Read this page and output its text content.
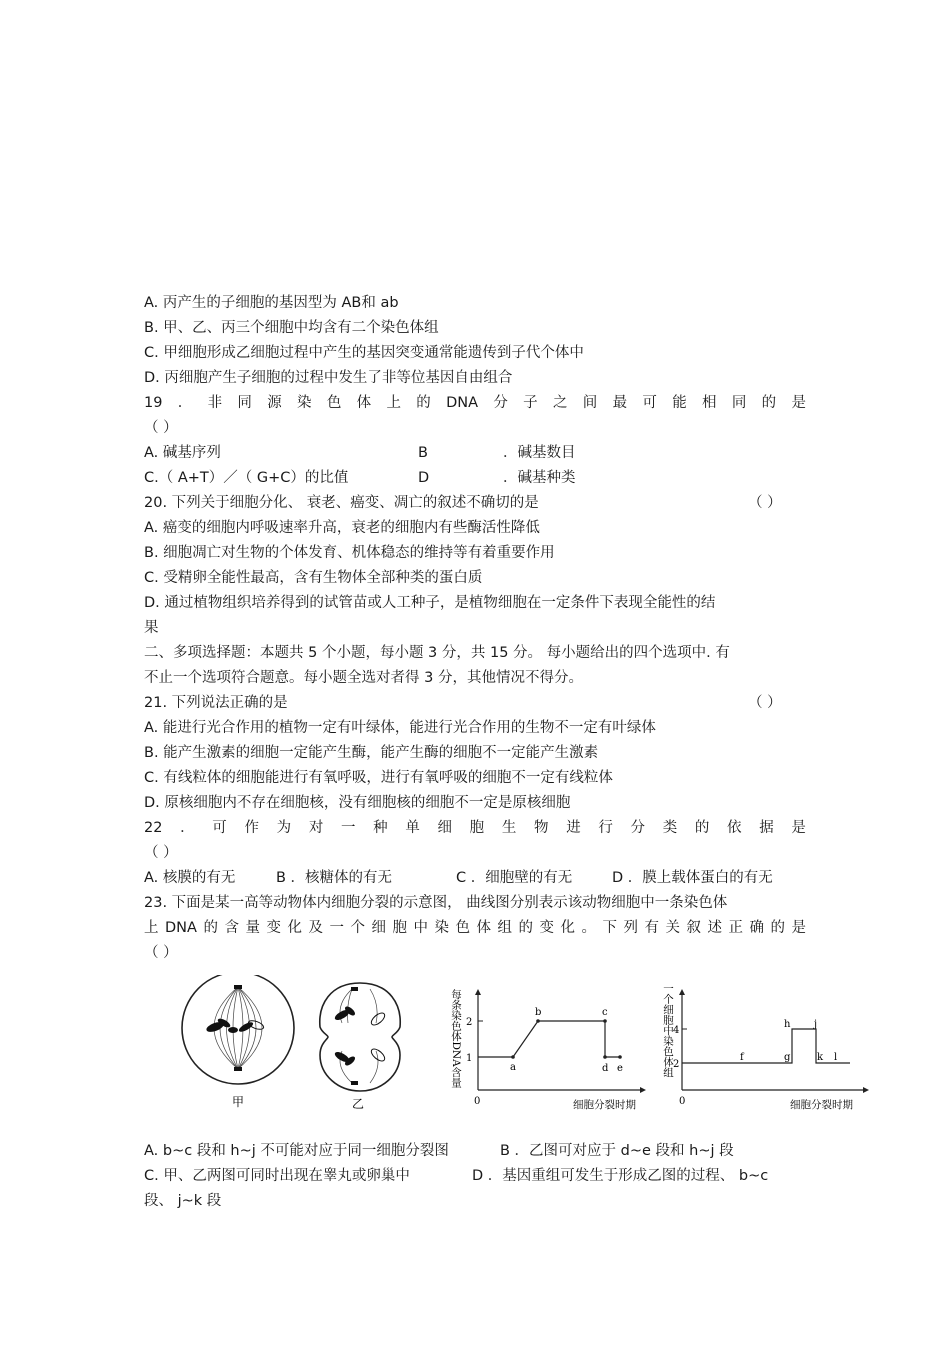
A. 丙产生的子细胞的基因型为 AB和 ab
B. 甲、乙、丙三个细胞中均含有二个染色体组
C. 甲细胞形成乙细胞过程中产生的基因突变通常能遗传到子代个体中
D. 丙细胞产生子细胞的过程中发生了非等位基因自由组合
19 ． 非 同 源 染 色 体 上 的 DNA 分 子 之 间 最 可 能 相 同 的 是
（ ）
A. 碱基序列	B	．碱基数目
C.（ A+T）／（ G+C）的比值	D	．碱基种类
20. 下列关于细胞分化、 衰老、癌变、凋亡的叙述不确切的是	（ ）
A. 癌变的细胞内呼吸速率升高，衰老的细胞内有些酶活性降低
B. 细胞凋亡对生物的个体发育、机体稳态的维持等有着重要作用
C. 受精卵全能性最高，含有生物体全部种类的蛋白质
D. 通过植物组织培养得到的试管苗或人工种子，是植物细胞在一定条件下表现全能性的结
果
二、多项选择题：本题共 5 个小题，每小题 3 分，共 15 分。 每小题给出的四个选项中. 有
不止一个选项符合题意。每小题全选对者得 3 分，其他情况不得分。
21. 下列说法正确的是	（ ）
A. 能进行光合作用的植物一定有叶绿体，能进行光合作用的生物不一定有叶绿体
B. 能产生激素的细胞一定能产生酶，能产生酶的细胞不一定能产生激素
C. 有线粒体的细胞能进行有氧呼吸，进行有氧呼吸的细胞不一定有线粒体
D. 原核细胞内不存在细胞核，没有细胞核的细胞不一定是原核细胞
22 ． 可 作 为 对 一 种 单 细 胞 生 物 进 行 分 类 的 依 据 是
（ ）
A. 核膜的有无	B ．核糖体的有无	C ．细胞壁的有无	D ．膜上载体蛋白的有无
23. 下面是某一高等动物体内细胞分裂的示意图， 曲线图分别表示该动物细胞中一条染色体
上 DNA 的 含 量 变 化 及 一 个 细 胞 中 染 色 体 组 的 变 化 。 下 列 有 关 叙 述 正 确 的 是
（ ）
甲	乙
1
2
0
a
b	c
d e
细胞分裂时期
每条染色体DNA含量	2
4
0
f	g
h j
k l
细胞分裂时期
一个细胞中染色体组
A. b~c 段和 h~j 不可能对应于同一细胞分裂图	B ．乙图可对应于 d~e 段和 h~j 段
C. 甲、乙两图可同时出现在睾丸或卵巢中	D ．基因重组可发生于形成乙图的过程、 b~c
段、 j~k 段
